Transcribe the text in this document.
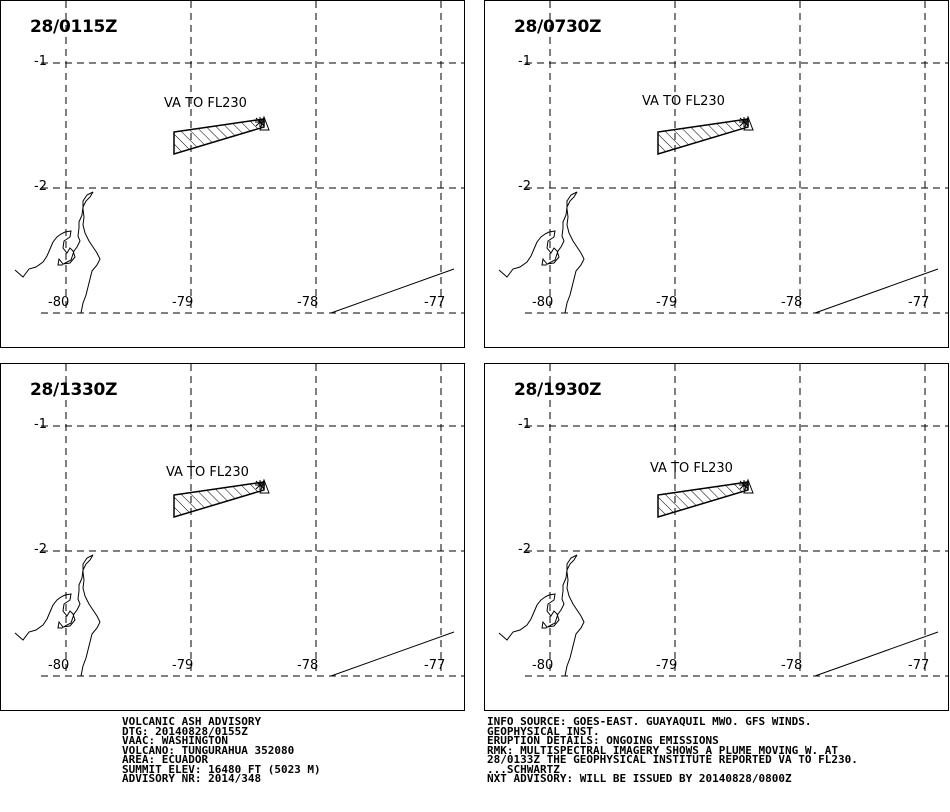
28/0115Z
-1
-2
-80	-79	-78	-77
VA TO FL230
28/0730Z
-1
-2
-80	-79	-78	-77
VA TO FL230
28/1330Z
-1
-2
-80	-79	-78	-77
VA TO FL230
28/1930Z
-1
-2
-80	-79	-78	-77
VA TO FL230
VOLCANIC ASH ADVISORY
DTG: 20140828/0155Z
VAAC: WASHINGTON
VOLCANO: TUNGURAHUA 352080
AREA: ECUADOR
SUMMIT ELEV: 16480 FT (5023 M)
ADVISORY NR: 2014/348
INFO SOURCE: GOES-EAST. GUAYAQUIL MWO. GFS WINDS.
GEOPHYSICAL INST.
ERUPTION DETAILS: ONGOING EMISSIONS
RMK: MULTISPECTRAL IMAGERY SHOWS A PLUME MOVING W. AT
28/0133Z THE GEOPHYSICAL INSTITUTE REPORTED VA TO FL230.
...SCHWARTZ
NXT ADVISORY: WILL BE ISSUED BY 20140828/0800Z
